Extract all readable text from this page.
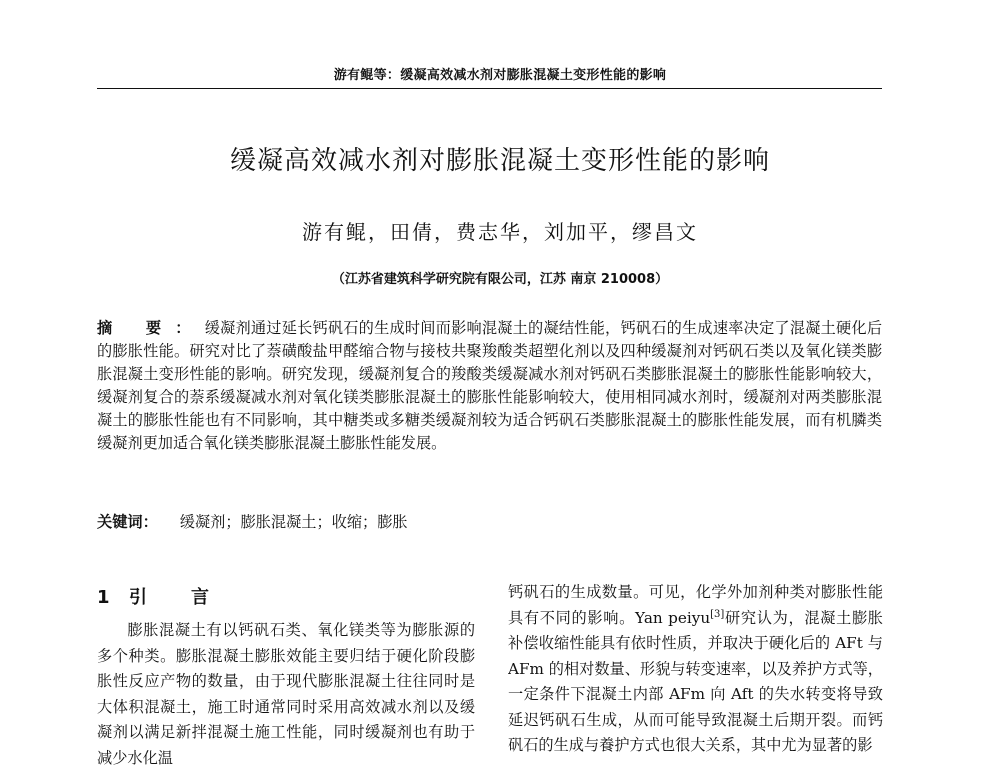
游有鲲等：缓凝高效减水剂对膨胀混凝土变形性能的影响
缓凝高效减水剂对膨胀混凝土变形性能的影响
游有鲲，田倩，费志华，刘加平，缪昌文
（江苏省建筑科学研究院有限公司，江苏 南京 210008）
摘 要：缓凝剂通过延长钙矾石的生成时间而影响混凝土的凝结性能，钙矾石的生成速率决定了混凝土硬化后的膨胀性能。研究对比了萘磺酸盐甲醛缩合物与接枝共聚羧酸类超塑化剂以及四种缓凝剂对钙矾石类以及氧化镁类膨胀混凝土变形性能的影响。研究发现，缓凝剂复合的羧酸类缓凝减水剂对钙矾石类膨胀混凝土的膨胀性能影响较大，缓凝剂复合的萘系缓凝减水剂对氧化镁类膨胀混凝土的膨胀性能影响较大，使用相同减水剂时，缓凝剂对两类膨胀混凝土的膨胀性能也有不同影响，其中糖类或多糖类缓凝剂较为适合钙矾石类膨胀混凝土的膨胀性能发展，而有机膦类缓凝剂更加适合氧化镁类膨胀混凝土膨胀性能发展。
关键词： 缓凝剂；膨胀混凝土；收缩；膨胀
1 引言
膨胀混凝土有以钙矾石类、氧化镁类等为膨胀源的多个种类。膨胀混凝土膨胀效能主要归结于硬化阶段膨胀性反应产物的数量，由于现代膨胀混凝土往往同时是大体积混凝土，施工时通常同时采用高效减水剂以及缓凝剂以满足新拌混凝土施工性能，同时缓凝剂也有助于减少水化温
钙矾石的生成数量。可见，化学外加剂种类对膨胀性能具有不同的影响。Yan peiyu[3]研究认为，混凝土膨胀补偿收缩性能具有依时性质，并取决于硬化后的 AFt 与 AFm 的相对数量、形貌与转变速率，以及养护方式等，一定条件下混凝土内部 AFm 向 Aft 的失水转变将导致延迟钙矾石生成，从而可能导致混凝土后期开裂。而钙矾石的生成与養护方式也很大关系，其中尤为显著的影
